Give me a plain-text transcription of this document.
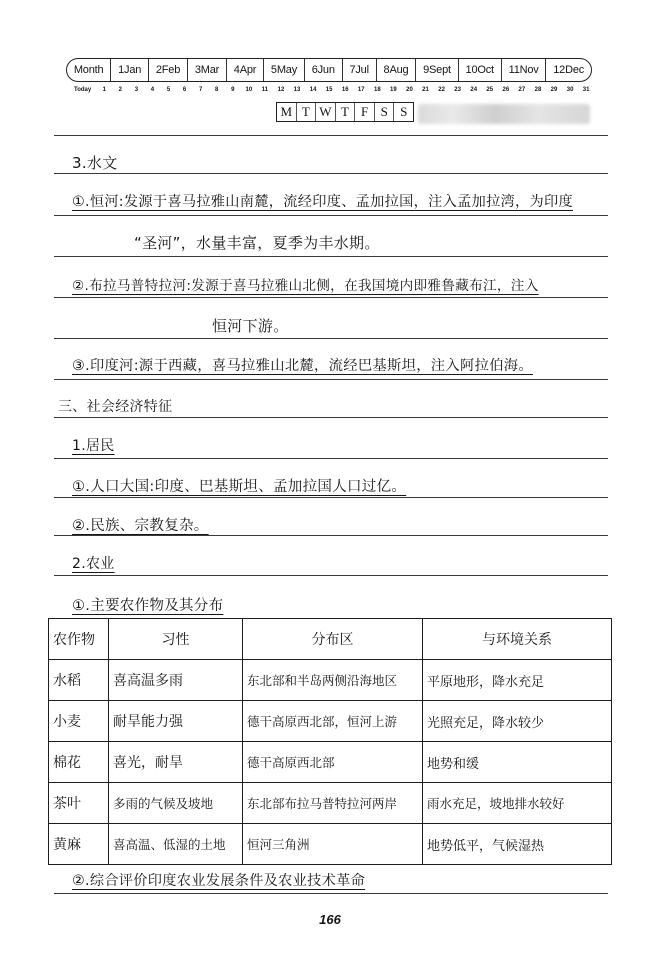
Month	1Jan	2Feb	3Mar	4Apr	5May	6Jun	7Jul	8Aug	9Sept	10Oct	11Nov	12Dec
Today	1	2	3	4	5	6	7	8	9	10	11	12	13	14	15	16	17	18	19	20	21	22	23	24	25	26	27	28	29	30	31
M T W T F S S
3.水文
①.恒河:发源于喜马拉雅山南麓，流经印度、孟加拉国，注入孟加拉湾，为印度
“圣河”，水量丰富，夏季为丰水期。
②.布拉马普特拉河:发源于喜马拉雅山北侧，在我国境内即雅鲁藏布江，注入
恒河下游。
③.印度河:源于西藏，喜马拉雅山北麓，流经巴基斯坦，注入阿拉伯海。
三、社会经济特征
1.居民
①.人口大国:印度、巴基斯坦、孟加拉国人口过亿。
②.民族、宗教复杂。
2.农业
①.主要农作物及其分布
农作物	习性	分布区	与环境关系
水稻	喜高温多雨	东北部和半岛两侧沿海地区	平原地形，降水充足
小麦	耐旱能力强	德干高原西北部，恒河上游	光照充足，降水较少
棉花	喜光，耐旱	德干高原西北部	地势和缓
茶叶	多雨的气候及坡地	东北部布拉马普特拉河两岸	雨水充足，坡地排水较好
黄麻	喜高温、低湿的土地	恒河三角洲	地势低平，气候湿热
②.综合评价印度农业发展条件及农业技术革命
166
